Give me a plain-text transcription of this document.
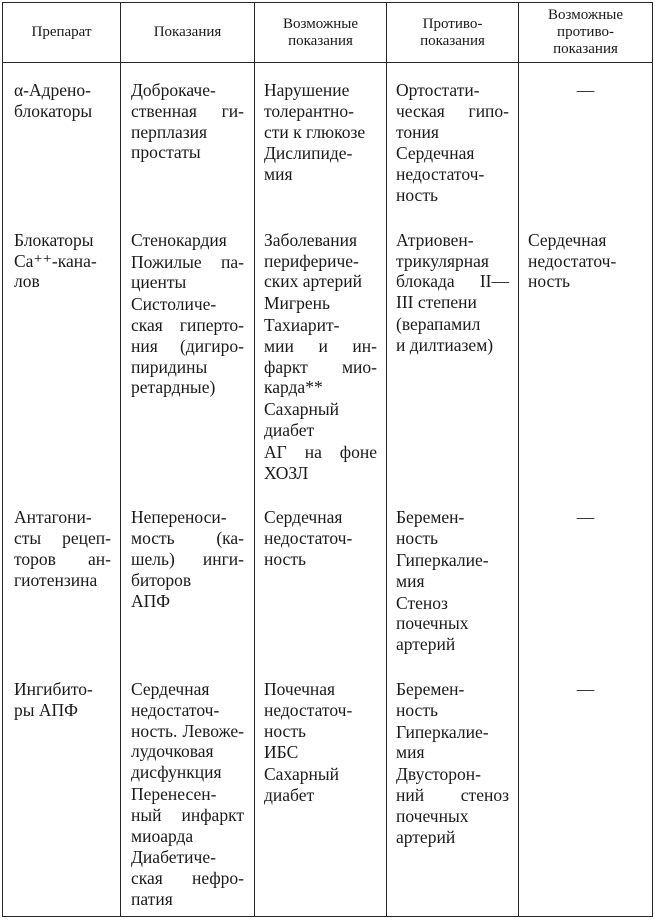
Препарат	Показания
Возможные
показания
Противо-
показания
Возможные
противо-
показания
α-Адрено-
блокаторы
Доброкаче-
ственная ги-
перплазия
простаты
Нарушение
толерантно-
сти к глюкозе
Дислипиде-
мия
Ортостати-
ческая гипо-
тония
Сердечная
недостаточ-
ность
—
Блокаторы
Ca⁺⁺-кана-
лов
Стенокардия
Пожилые па-
циенты
Систоличе-
ская гиперто-
ния (дигиро-
пиридины
ретардные)
Заболевания
перифериче-
ских артерий
Мигрень
Тахиарит-
мии и ин-
фаркт мио-
карда**
Сахарный
диабет
АГ на фоне
ХОЗЛ
Атриовен-
трикулярная
блокада II—
III степени
(верапамил
и дилтиазем)
Сердечная
недостаточ-
ность
Антагони-
сты рецеп-
торов ан-
гиотензина
Непереноси-
мость (ка-
шель) инги-
биторов
АПФ
Сердечная
недостаточ-
ность
Беремен-
ность
Гиперкалие-
мия
Стеноз
почечных
артерий
—
Ингибито-
ры АПФ
Сердечная
недостаточ-
ность. Левоже-
лудочковая
дисфункция
Перенесен-
ный инфаркт
миоарда
Диабетиче-
ская нефро-
патия
Почечная
недостаточ-
ность
ИБС
Сахарный
диабет
Беремен-
ность
Гиперкалие-
мия
Двусторон-
ний стеноз
почечных
артерий
—
